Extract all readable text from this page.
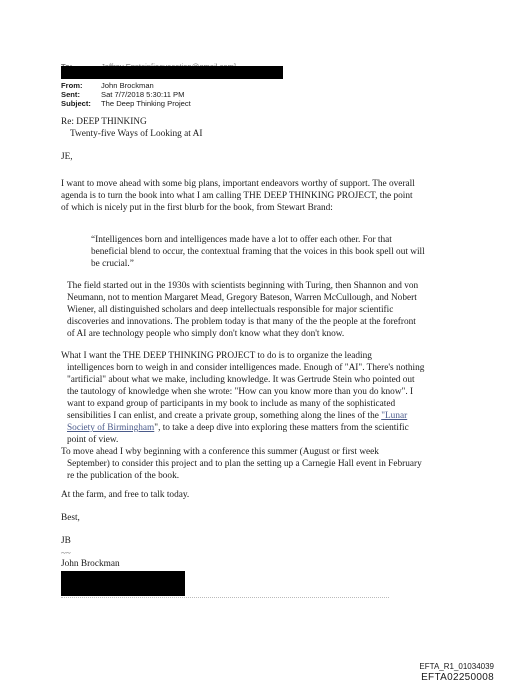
From: John Brockman
Sent:	Sat 7/7/2018 5:30:11 PM
Subject: The Deep Thinking Project
Re: DEEP THINKING
Twenty-five Ways of Looking at AI
JE,
I want to move ahead with some big plans, important endeavors worthy of support. The overall
agenda is to turn the book into what I am calling THE DEEP THINKING PROJECT, the point
of which is nicely put in the first blurb for the book, from Stewart Brand:
“Intelligences born and intelligences made have a lot to offer each other. For that
beneficial blend to occur, the contextual framing that the voices in this book spell out will
be crucial.”
The field started out in the 1930s with scientists beginning with Turing, then Shannon and von
Neumann, not to mention Margaret Mead, Gregory Bateson, Warren McCullough, and Nobert
Wiener, all distinguished scholars and deep intellectuals responsible for major scientific
discoveries and innovations. The problem today is that many of the the people at the forefront
of AI are technology people who simply don't know what they don't know.
What I want the THE DEEP THINKING PROJECT to do is to organize the leading
intelligences born to weigh in and consider intelligences made. Enough of "AI". There's nothing
"artificial" about what we make, including knowledge. It was Gertrude Stein who pointed out
the tautology of knowledge when she wrote: "How can you know more than you do know". I
want to expand group of participants in my book to include as many of the sophisticated
sensibilities I can enlist, and create a private group, something along the lines of the "Lunar
Society of Birmingham", to take a deep dive into exploring these matters from the scientific
point of view.
To move ahead I wby beginning with a conference this summer (August or first week
September) to consider this project and to plan the setting up a Carnegie Hall event in February
re the publication of the book.
At the farm, and free to talk today.
Best,
JB
~~
John Brockman
EFTA_R1_01034039
EFTA02250008
